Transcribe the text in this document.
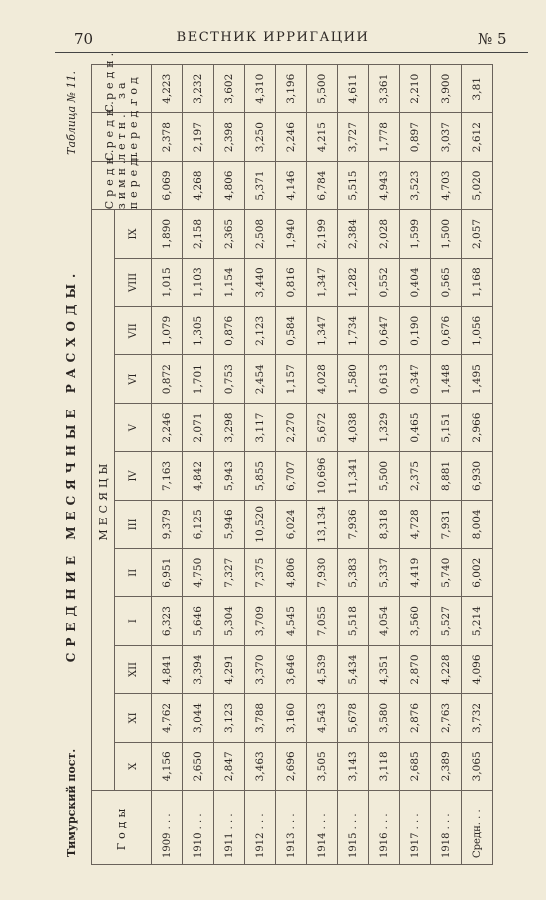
70	ВЕСТНИК ИРРИГАЦИИ	№ 5
Тимурский пост.
СРЕДНИЕ МЕСЯЧНЫЕ РАСХОДЫ.
Таблица № 11.
Годы	МЕСЯЦЫ												Средн. зимн. перед.	Средн. летн. перед.	Средн. за год
	X	XI	XII	I	II	III	IV	V	VI	VII	VIII	IX			
1909 . . .	4,156	4,762	4,841	6,323	6,951	9,379	7,163	2,246	0,872	1,079	1,015	1,890	6,069	2,378	4,223
1910 . . .	2,650	3,044	3,394	5,646	4,750	6,125	4,842	2,071	1,701	1,305	1,103	2,158	4,268	2,197	3,232
1911 . . .	2,847	3,123	4,291	5,304	7,327	5,946	5,943	3,298	0,753	0,876	1,154	2,365	4,806	2,398	3,602
1912 . . .	3,463	3,788	3,370	3,709	7,375	10,520	5,855	3,117	2,454	2,123	3,440	2,508	5,371	3,250	4,310
1913 . . .	2,696	3,160	3,646	4,545	4,806	6,024	6,707	2,270	1,157	0,584	0,816	1,940	4,146	2,246	3,196
1914 . . .	3,505	4,543	4,539	7,055	7,930	13,134	10,696	5,672	4,028	1,347	1,347	2,199	6,784	4,215	5,500
1915 . . .	3,143	5,678	5,434	5,518	5,383	7,936	11,341	4,038	1,580	1,734	1,282	2,384	5,515	3,727	4,611
1916 . . .	3,118	3,580	4,351	4,054	5,337	8,318	5,500	1,329	0,613	0,647	0,552	2,028	4,943	1,778	3,361
1917 . . .	2,685	2,876	2,870	3,560	4,419	4,728	2,375	0,465	0,347	0,190	0,404	1,599	3,523	0,897	2,210
1918 . . .	2,389	2,763	4,228	5,527	5,740	7,931	8,881	5,151	1,448	0,676	0,565	1,500	4,703	3,037	3,900
Средн. . .	3,065	3,732	4,096	5,214	6,002	8,004	6,930	2,966	1,495	1,056	1,168	2,057	5,020	2,612	3,81
